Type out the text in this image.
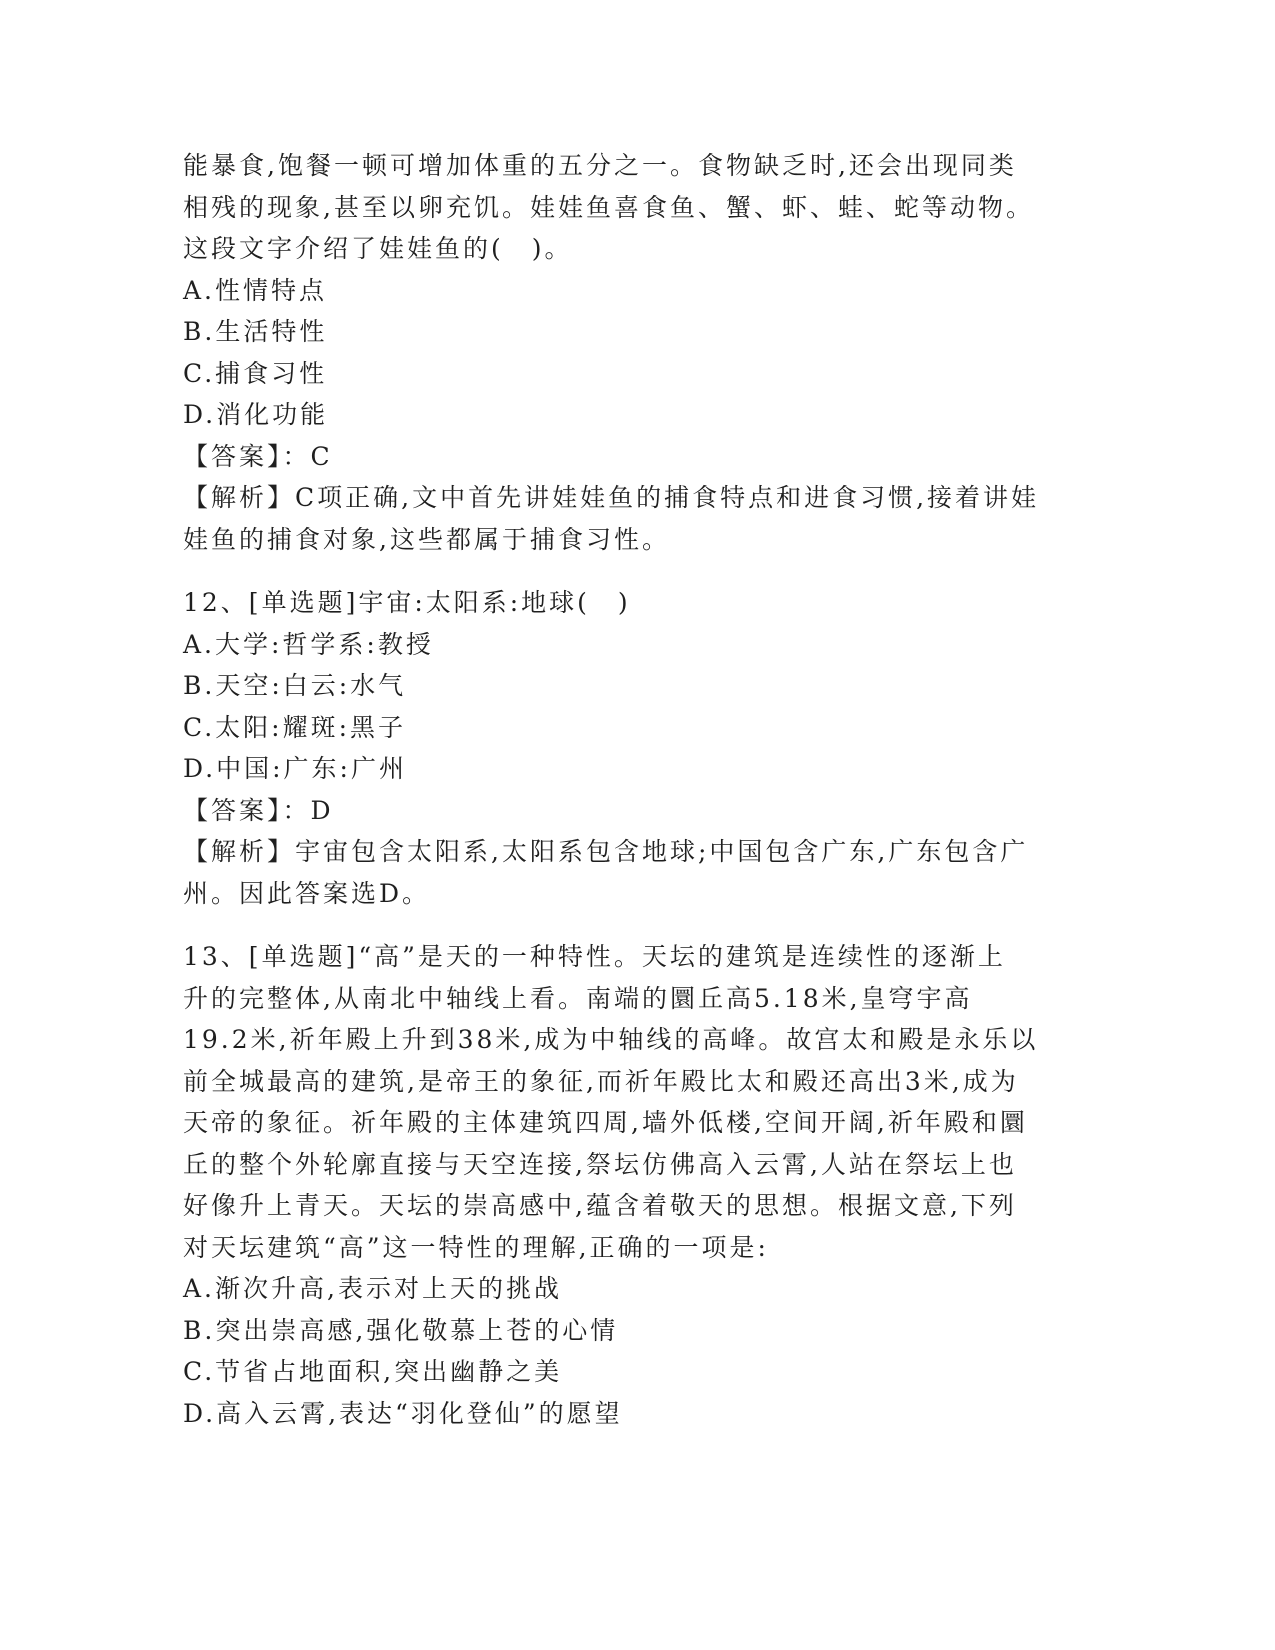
能暴食,饱餐一顿可增加体重的五分之一。食物缺乏时,还会出现同类
相残的现象,甚至以卵充饥。娃娃鱼喜食鱼、蟹、虾、蛙、蛇等动物。
这段文字介绍了娃娃鱼的(　)。
A.性情特点
B.生活特性
C.捕食习性
D.消化功能
【答案】：C
【解析】C项正确,文中首先讲娃娃鱼的捕食特点和进食习惯,接着讲娃
娃鱼的捕食对象,这些都属于捕食习性。
12、[单选题]宇宙:太阳系:地球(　)
A.大学:哲学系:教授
B.天空:白云:水气
C.太阳:耀斑:黑子
D.中国:广东:广州
【答案】：D
【解析】宇宙包含太阳系,太阳系包含地球;中国包含广东,广东包含广
州。因此答案选D。
13、[单选题]“高”是天的一种特性。天坛的建筑是连续性的逐渐上
升的完整体,从南北中轴线上看。南端的圜丘高5.18米,皇穹宇高
19.2米,祈年殿上升到38米,成为中轴线的高峰。故宫太和殿是永乐以
前全城最高的建筑,是帝王的象征,而祈年殿比太和殿还高出3米,成为
天帝的象征。祈年殿的主体建筑四周,墙外低楼,空间开阔,祈年殿和圜
丘的整个外轮廓直接与天空连接,祭坛仿佛高入云霄,人站在祭坛上也
好像升上青天。天坛的崇高感中,蕴含着敬天的思想。根据文意,下列
对天坛建筑“高”这一特性的理解,正确的一项是:
A.渐次升高,表示对上天的挑战
B.突出崇高感,强化敬慕上苍的心情
C.节省占地面积,突出幽静之美
D.高入云霄,表达“羽化登仙”的愿望
